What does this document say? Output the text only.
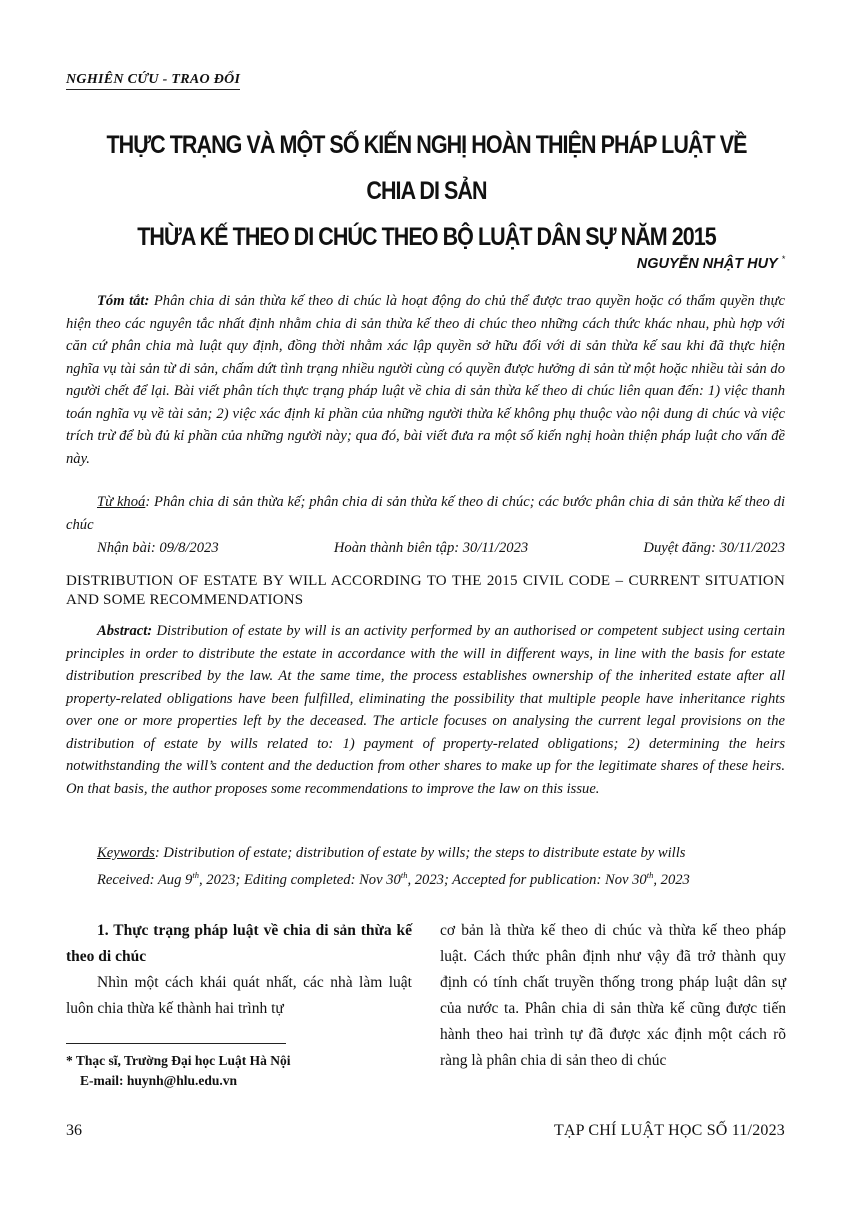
NGHIÊN CỨU - TRAO ĐỔI
THỰC TRẠNG VÀ MỘT SỐ KIẾN NGHỊ HOÀN THIỆN PHÁP LUẬT VỀ CHIA DI SẢN
THỪA KẾ THEO DI CHÚC THEO BỘ LUẬT DÂN SỰ NĂM 2015
NGUYỄN NHẬT HUY *
Tóm tắt: Phân chia di sản thừa kế theo di chúc là hoạt động do chủ thể được trao quyền hoặc có thẩm quyền thực hiện theo các nguyên tắc nhất định nhằm chia di sản thừa kế theo di chúc theo những cách thức khác nhau, phù hợp với căn cứ phân chia mà luật quy định, đồng thời nhằm xác lập quyền sở hữu đối với di sản thừa kế sau khi đã thực hiện nghĩa vụ tài sản từ di sản, chấm dứt tình trạng nhiều người cùng có quyền được hưởng di sản từ một hoặc nhiều tài sản do người chết để lại. Bài viết phân tích thực trạng pháp luật về chia di sản thừa kế theo di chúc liên quan đến: 1) việc thanh toán nghĩa vụ về tài sản; 2) việc xác định kỉ phần của những người thừa kế không phụ thuộc vào nội dung di chúc và việc trích trừ để bù đủ kỉ phần của những người này; qua đó, bài viết đưa ra một số kiến nghị hoàn thiện pháp luật cho vấn đề này.
Từ khoá: Phân chia di sản thừa kế; phân chia di sản thừa kế theo di chúc; các bước phân chia di sản thừa kế theo di chúc
Nhận bài: 09/8/2023	Hoàn thành biên tập: 30/11/2023	Duyệt đăng: 30/11/2023
DISTRIBUTION OF ESTATE BY WILL ACCORDING TO THE 2015 CIVIL CODE – CURRENT SITUATION AND SOME RECOMMENDATIONS
Abstract: Distribution of estate by will is an activity performed by an authorised or competent subject using certain principles in order to distribute the estate in accordance with the will in different ways, in line with the basis for estate distribution prescribed by the law. At the same time, the process establishes ownership of the inherited estate after all property-related obligations have been fulfilled, eliminating the possibility that multiple people have inheritance rights over one or more properties left by the deceased. The article focuses on analysing the current legal provisions on the distribution of estate by wills related to: 1) payment of property-related obligations; 2) determining the heirs notwithstanding the will’s content and the deduction from other shares to make up for the legitimate shares of these heirs. On that basis, the author proposes some recommendations to improve the law on this issue.
Keywords: Distribution of estate; distribution of estate by wills; the steps to distribute estate by wills
Received: Aug 9th, 2023; Editing completed: Nov 30th, 2023; Accepted for publication: Nov 30th, 2023
1. Thực trạng pháp luật về chia di sản thừa kế theo di chúc
Nhìn một cách khái quát nhất, các nhà làm luật luôn chia thừa kế thành hai trình tự
cơ bản là thừa kế theo di chúc và thừa kế theo pháp luật. Cách thức phân định như vậy đã trở thành quy định có tính chất truyền thống trong pháp luật dân sự của nước ta. Phân chia di sản thừa kế cũng được tiến hành theo hai trình tự đã được xác định một cách rõ ràng là phân chia di sản theo di chúc
* Thạc sĩ, Trường Đại học Luật Hà Nội
E-mail: huynh@hlu.edu.vn
36	TẠP CHÍ LUẬT HỌC SỐ 11/2023
